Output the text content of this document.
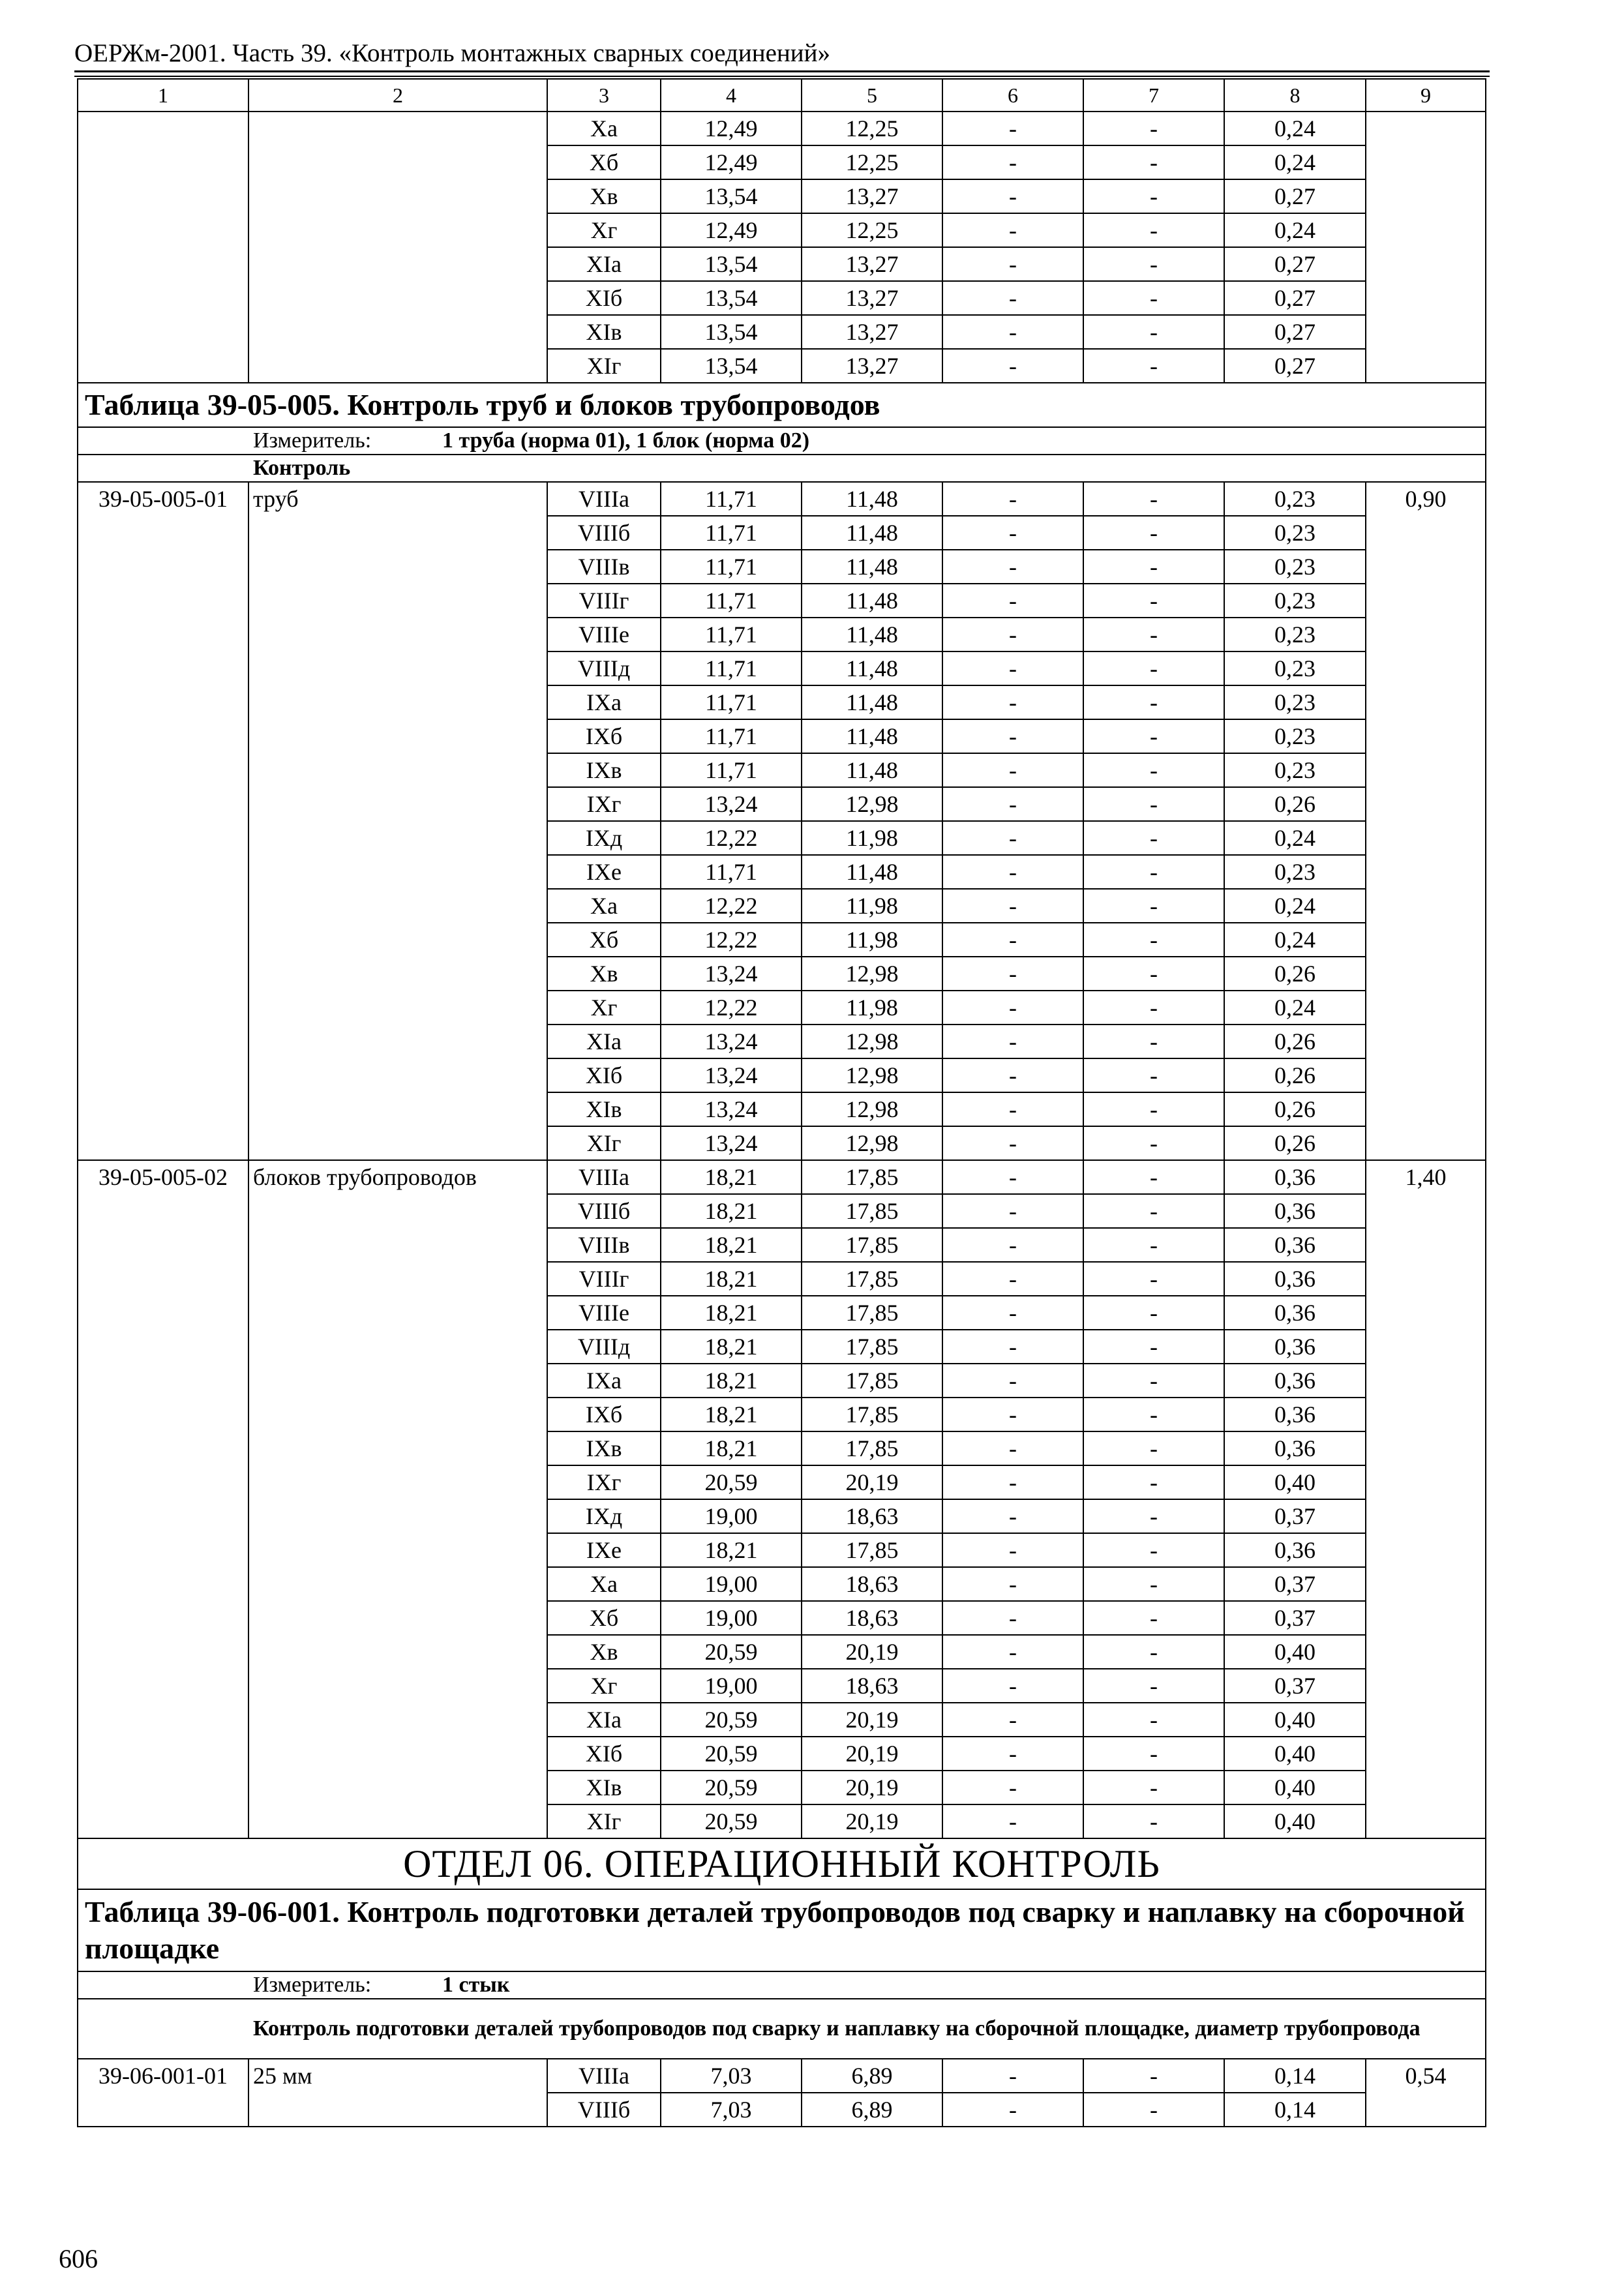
ОЕРЖм-2001. Часть 39. «Контроль монтажных сварных соединений»
1	2	3	4	5	6	7	8	9
		Xa	12,49	12,25	-	-	0,24	
		Xб	12,49	12,25	-	-	0,24	
		Xв	13,54	13,27	-	-	0,27	
		Xг	12,49	12,25	-	-	0,24	
		XIa	13,54	13,27	-	-	0,27	
		XIб	13,54	13,27	-	-	0,27	
		XIв	13,54	13,27	-	-	0,27	
		XIг	13,54	13,27	-	-	0,27	
Таблица 39-05-005. Контроль труб и блоков трубопроводов								
Измеритель: 1 труба (норма 01), 1 блок (норма 02)								
Контроль								
39-05-005-01	труб	VIIIa	11,71	11,48	-	-	0,23	0,90
		VIIIб	11,71	11,48	-	-	0,23	
		VIIIв	11,71	11,48	-	-	0,23	
		VIIIг	11,71	11,48	-	-	0,23	
		VIIIe	11,71	11,48	-	-	0,23	
		VIIIд	11,71	11,48	-	-	0,23	
		IXa	11,71	11,48	-	-	0,23	
		IXб	11,71	11,48	-	-	0,23	
		IXв	11,71	11,48	-	-	0,23	
		IXг	13,24	12,98	-	-	0,26	
		IXд	12,22	11,98	-	-	0,24	
		IXe	11,71	11,48	-	-	0,23	
		Xa	12,22	11,98	-	-	0,24	
		Xб	12,22	11,98	-	-	0,24	
		Xв	13,24	12,98	-	-	0,26	
		Xг	12,22	11,98	-	-	0,24	
		XIa	13,24	12,98	-	-	0,26	
		XIб	13,24	12,98	-	-	0,26	
		XIв	13,24	12,98	-	-	0,26	
		XIг	13,24	12,98	-	-	0,26	
39-05-005-02	блоков трубопроводов	VIIIa	18,21	17,85	-	-	0,36	1,40
		VIIIб	18,21	17,85	-	-	0,36	
		VIIIв	18,21	17,85	-	-	0,36	
		VIIIг	18,21	17,85	-	-	0,36	
		VIIIe	18,21	17,85	-	-	0,36	
		VIIIд	18,21	17,85	-	-	0,36	
		IXa	18,21	17,85	-	-	0,36	
		IXб	18,21	17,85	-	-	0,36	
		IXв	18,21	17,85	-	-	0,36	
		IXг	20,59	20,19	-	-	0,40	
		IXд	19,00	18,63	-	-	0,37	
		IXe	18,21	17,85	-	-	0,36	
		Xa	19,00	18,63	-	-	0,37	
		Xб	19,00	18,63	-	-	0,37	
		Xв	20,59	20,19	-	-	0,40	
		Xг	19,00	18,63	-	-	0,37	
		XIa	20,59	20,19	-	-	0,40	
		XIб	20,59	20,19	-	-	0,40	
		XIв	20,59	20,19	-	-	0,40	
		XIг	20,59	20,19	-	-	0,40	
ОТДЕЛ 06. ОПЕРАЦИОННЫЙ КОНТРОЛЬ								
Таблица 39-06-001. Контроль подготовки деталей трубопроводов под сварку и наплавку на сборочной площадке								
Измеритель: 1 стык								
Контроль подготовки деталей трубопроводов под сварку и наплавку на сборочной площадке, диаметр трубопровода								
39-06-001-01	25 мм	VIIIa	7,03	6,89	-	-	0,14	0,54
		VIIIб	7,03	6,89	-	-	0,14	
606
